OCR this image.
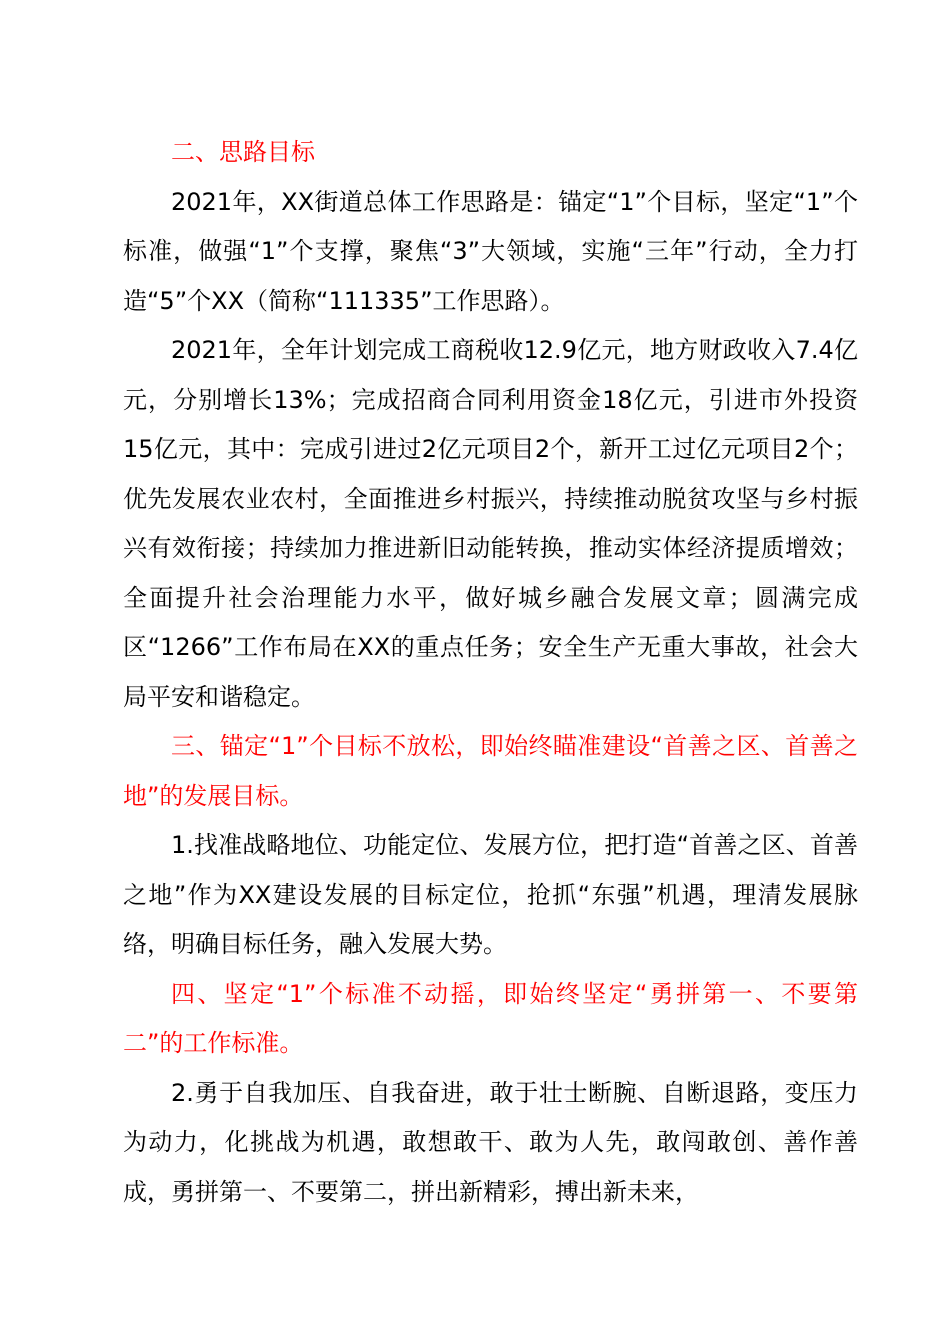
二、思路目标

2021年，XX街道总体工作思路是：锚定“1”个目标，坚定“1”个标准，做强“1”个支撑，聚焦“3”大领域，实施“三年”行动，全力打造“5”个XX（简称“111335”工作思路）。

2021年，全年计划完成工商税收12.9亿元，地方财政收入7.4亿元，分别增长13%；完成招商合同利用资金18亿元，引进市外投资15亿元，其中：完成引进过2亿元项目2个，新开工过亿元项目2个；优先发展农业农村，全面推进乡村振兴，持续推动脱贫攻坚与乡村振兴有效衔接；持续加力推进新旧动能转换，推动实体经济提质增效；全面提升社会治理能力水平，做好城乡融合发展文章；圆满完成区“1266”工作布局在XX的重点任务；安全生产无重大事故，社会大局平安和谐稳定。

三、锚定“1”个目标不放松，即始终瞄准建设“首善之区、首善之地”的发展目标。

1.找准战略地位、功能定位、发展方位，把打造“首善之区、首善之地”作为XX建设发展的目标定位，抢抓“东强”机遇，理清发展脉络，明确目标任务，融入发展大势。

四、坚定“1”个标准不动摇，即始终坚定“勇拼第一、不要第二”的工作标准。

2.勇于自我加压、自我奋进，敢于壮士断腕、自断退路，变压力为动力，化挑战为机遇，敢想敢干、敢为人先，敢闯敢创、善作善成，勇拼第一、不要第二，拼出新精彩，搏出新未来，
